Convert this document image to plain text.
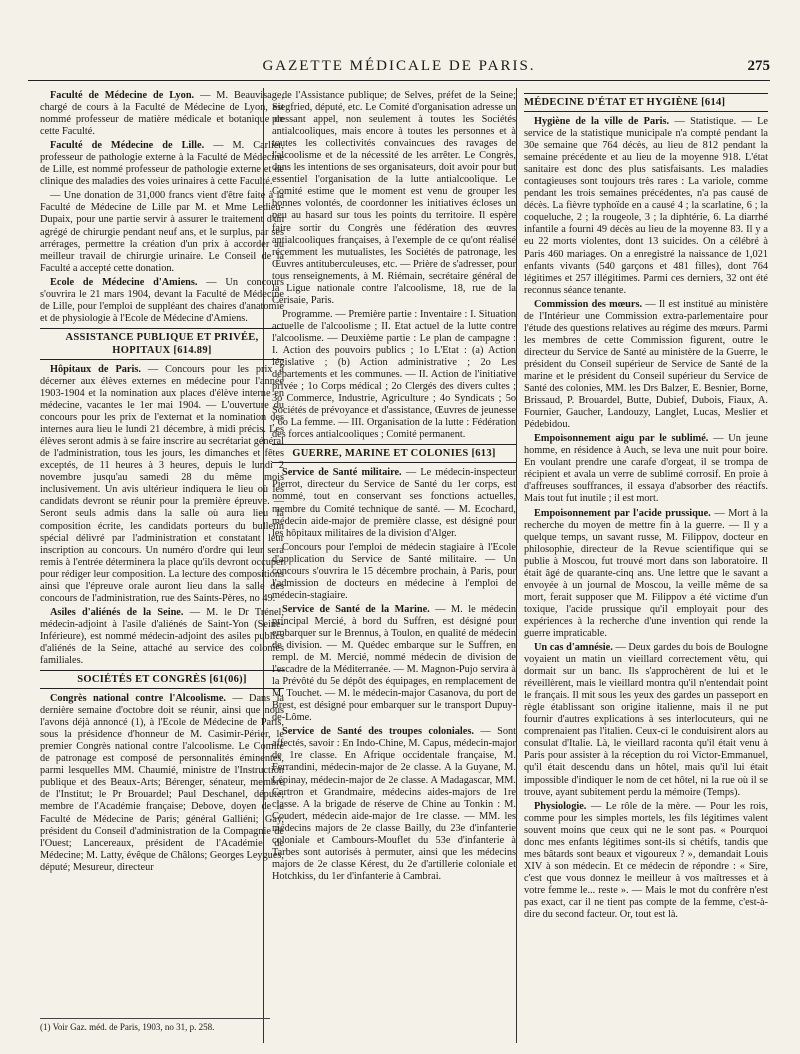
GAZETTE MÉDICALE DE PARIS.	275

Faculté de Médecine de Lyon. — M. Beauvisage, chargé de cours à la Faculté de Médecine de Lyon, est nommé professeur de matière médicale et botanique de cette Faculté.

Faculté de Médecine de Lille. — M. Carlier, professeur de pathologie externe à la Faculté de Médecine de Lille, est nommé professeur de pathologie externe et de clinique des maladies des voies urinaires à cette Faculté.

— Une donation de 31,000 francs vient d'être faite à la Faculté de Médecine de Lille par M. et Mme Ledieu-Dupaix, pour une partie servir à assurer le traitement d'un agrégé de chirurgie pendant neuf ans, et le surplus, par ses arrérages, permettre la création d'un prix à accorder au meilleur travail de chirurgie urinaire. Le Conseil de la Faculté a accepté cette donation.

Ecole de Médecine d'Amiens. — Un concours s'ouvrira le 21 mars 1904, devant la Faculté de Médecine de Lille, pour l'emploi de suppléant des chaires d'anatomie et de physiologie à l'Ecole de Médecine d'Amiens.

ASSISTANCE PUBLIQUE ET PRIVÉE, HOPITAUX [614.89]

Hôpitaux de Paris. — Concours pour les prix à décerner aux élèves externes en médecine pour l'année 1903-1904 et la nomination aux places d'élève interne en médecine, vacantes le 1er mai 1904. — L'ouverture du concours pour les prix de l'externat et la nomination des internes aura lieu le lundi 21 décembre, à midi précis. Les élèves seront admis à se faire inscrire au secrétariat général de l'administration, tous les jours, les dimanches et fêtes exceptés, de 11 heures à 3 heures, depuis le lundi 2 novembre jusqu'au samedi 28 du même mois inclusivement. Un avis ultérieur indiquera le lieu où les candidats devront se réunir pour la première épreuve. — Seront seuls admis dans la salle où aura lieu la composition écrite, les candidats porteurs du bulletin spécial délivré par l'administration et constatant leur inscription au concours. Un numéro d'ordre qui leur sera remis à l'entrée déterminera la place qu'ils devront occuper pour rédiger leur composition. La lecture des compositions ainsi que l'épreuve orale auront lieu dans la salle des concours de l'administration, rue des Saints-Pères, no 49.

Asiles d'aliénés de la Seine. — M. le Dr Trénel, médecin-adjoint à l'asile d'aliénés de Saint-Yon (Seine-Inférieure), est nommé médecin-adjoint des asiles publics d'aliénés de la Seine, attaché au service des colonies familiales.

SOCIÉTÉS ET CONGRÈS [61(06)]

Congrès national contre l'Alcoolisme. — Dans la dernière semaine d'octobre doit se réunir, ainsi que nous l'avons déjà annoncé (1), à l'Ecole de Médecine de Paris, sous la présidence d'honneur de M. Casimir-Périer, le premier Congrès national contre l'alcoolisme. Le Comité de patronage est composé de personnalités éminentes, parmi lesquelles MM. Chaumié, ministre de l'Instruction publique et des Beaux-Arts; Bérenger, sénateur, membre de l'Institut; le Pr Brouardel; Paul Deschanel, député, membre de l'Académie française; Debove, doyen de la Faculté de Médecine de Paris; général Galliéni; Gay, président du Conseil d'administration de la Compagnie de l'Ouest; Lancereaux, président de l'Académie de Médecine; M. Latty, évêque de Châlons; Georges Leygues, député; Mesureur, directeur

de l'Assistance publique; de Selves, préfet de la Seine; Siegfried, député, etc. Le Comité d'organisation adresse un pressant appel, non seulement à toutes les Sociétés antialcooliques, mais encore à toutes les personnes et à toutes les collectivités convaincues des ravages de l'alcoolisme et de la nécessité de les arrêter. Le Congrès, dans les intentions de ses organisateurs, doit avoir pour but essentiel l'organisation de la lutte antialcoolique. Le Comité estime que le moment est venu de grouper les bonnes volontés, de coordonner les initiatives écloses un peu au hasard sur tous les points du territoire. Il espère faire sortir du Congrès une fédération des œuvres antialcooliques françaises, à l'exemple de ce qu'ont réalisé récemment les mutualistes, les Sociétés de patronage, les Œuvres antituberculeuses, etc. — Prière de s'adresser, pour tous renseignements, à M. Riémain, secrétaire général de la Ligue nationale contre l'alcoolisme, 18, rue de la Cerisaie, Paris.

Programme. — Première partie : Inventaire : I. Situation actuelle de l'alcoolisme ; II. Etat actuel de la lutte contre l'alcoolisme. — Deuxième partie : Le plan de campagne : I. Action des pouvoirs publics ; 1o L'Etat : (a) Action législative ; (b) Action administrative ; 2o Les départements et les communes. — II. Action de l'initiative privée ; 1o Corps médical ; 2o Clergés des divers cultes ; 3o Commerce, Industrie, Agriculture ; 4o Syndicats ; 5o Sociétés de prévoyance et d'assistance, Œuvres de jeunesse ; 6o La femme. — III. Organisation de la lutte : Fédération des forces antialcooliques ; Comité permanent.

GUERRE, MARINE ET COLONIES [613]

Service de Santé militaire. — Le médecin-inspecteur Pierrot, directeur du Service de Santé du 1er corps, est nommé, tout en conservant ses fonctions actuelles, membre du Comité technique de santé. — M. Ecochard, médecin aide-major de première classe, est désigné pour les hôpitaux militaires de la division d'Alger.

Concours pour l'emploi de médecin stagiaire à l'Ecole d'application du Service de Santé militaire. — Un concours s'ouvrira le 15 décembre prochain, à Paris, pour l'admission de docteurs en médecine à l'emploi de médecin-stagiaire.

Service de Santé de la Marine. — M. le médecin principal Mercié, à bord du Suffren, est désigné pour embarquer sur le Brennus, à Toulon, en qualité de médecin de division. — M. Quédec embarque sur le Suffren, en rempl. de M. Mercié, nommé médecin de division de l'escadre de la Méditerranée. — M. Magnon-Pujo servira à la Prévôté du 5e dépôt des équipages, en remplacement de M. Touchet. — M. le médecin-major Casanova, du port de Brest, est désigné pour embarquer sur le transport Dupuy-de-Lôme.

Service de Santé des troupes coloniales. — Sont affectés, savoir : En Indo-Chine, M. Capus, médecin-major de 1re classe. En Afrique occidentale française, M. Ferrandini, médecin-major de 2e classe. A la Guyane, M. Lépinay, médecin-major de 2e classe. A Madagascar, MM. Cartron et Grandmaire, médecins aides-majors de 1re classe. A la brigade de réserve de Chine au Tonkin : M. Coudert, médecin aide-major de 1re classe. — MM. les médecins majors de 2e classe Bailly, du 23e d'infanterie coloniale et Cambours-Mouflet du 53e d'infanterie à Tarbes sont autorisés à permuter, ainsi que les médecins majors de 2e classe Kérest, du 2e d'artillerie coloniale et Hotchkiss, du 1er d'infanterie à Cambrai.

MÉDECINE D'ÉTAT ET HYGIÈNE [614]

Hygiène de la ville de Paris. — Statistique. — Le service de la statistique municipale n'a compté pendant la 30e semaine que 764 décès, au lieu de 812 pendant la semaine précédente et au lieu de la moyenne 918. L'état sanitaire est donc des plus satisfaisants. Les maladies contagieuses sont toujours très rares : La variole, comme pendant les trois semaines précédentes, n'a pas causé de décès. La fièvre typhoïde en a causé 4 ; la scarlatine, 6 ; la coqueluche, 2 ; la rougeole, 3 ; la diphtérie, 6. La diarrhé infantile a fourni 49 décès au lieu de la moyenne 83. Il y a eu 22 morts violentes, dont 13 suicides. On a célébré à Paris 460 mariages. On a enregistré la naissance de 1,021 enfants vivants (540 garçons et 481 filles), dont 764 légitimes et 257 illégitimes. Parmi ces derniers, 32 ont été reconnus séance tenante.

Commission des mœurs. — Il est institué au ministère de l'Intérieur une Commission extra-parlementaire pour l'étude des questions relatives au régime des mœurs. Parmi les membres de cette Commission figurent, outre le directeur du Service de Santé au ministère de la Guerre, le président du Conseil supérieur de Service de Santé de la marine et le président du Conseil supérieur du Service de Santé des colonies, MM. les Drs Balzer, E. Besnier, Borne, Brissaud, P. Brouardel, Butte, Dubief, Dubois, Fiaux, A. Fournier, Gaucher, Landouzy, Langlet, Lucas, Meslier et Pédebidou.

Empoisonnement aigu par le sublimé. — Un jeune homme, en résidence à Auch, se leva une nuit pour boire. En voulant prendre une carafe d'orgeat, il se trompa de récipient et avala un verre de sublimé corrosif. En proie à d'affreuses souffrances, il essaya d'absorber des réactifs. Mais tout fut inutile ; il est mort.

Empoisonnement par l'acide prussique. — Mort à la recherche du moyen de mettre fin à la guerre. — Il y a quelque temps, un savant russe, M. Filippov, docteur en philosophie, directeur de la Revue scientifique qui se publie à Moscou, fut trouvé mort dans son laboratoire. Il était âgé de quarante-cinq ans. Une lettre que le savant a envoyée à un journal de Moscou, la veille même de sa mort, ferait supposer que M. Filippov a été victime d'un toxique, l'acide prussique qu'il employait pour des expériences à la recherche d'une invention qui rende la guerre impraticable.

Un cas d'amnésie. — Deux gardes du bois de Boulogne voyaient un matin un vieillard correctement vêtu, qui dormait sur un banc. Ils s'approchèrent de lui et le réveillèrent, mais le vieillard montra qu'il n'entendait point le français. Il mit sous les yeux des gardes un passeport en règle établissant son origine italienne, mais il ne put fournir d'autres explications à ses interlocuteurs, qui ne comprenaient pas l'italien. Ceux-ci le conduisirent alors au consulat d'Italie. Là, le vieillard raconta qu'il était venu à Paris pour assister à la réception du roi Victor-Emmanuel, qu'il était descendu dans un hôtel, mais qu'il lui était impossible d'indiquer le nom de cet hôtel, ni la rue où il se trouve, ayant subitement perdu la mémoire (Temps).

Physiologie. — Le rôle de la mère. — Pour les rois, comme pour les simples mortels, les fils légitimes valent souvent moins que ceux qui ne le sont pas. « Pourquoi donc mes enfants légitimes sont-ils si chétifs, tandis que mes bâtards sont beaux et vigoureux ? », demandait Louis XIV à son médecin. Et ce médecin de répondre : « Sire, c'est que vous donnez le meilleur à vos maîtresses et à votre femme le... reste ». — Mais le mot du confrère n'est pas exact, car il ne tient pas compte de la femme, c'est-à-dire du second facteur. Or, tout est là.

(1) Voir Gaz. méd. de Paris, 1903, no 31, p. 258.
